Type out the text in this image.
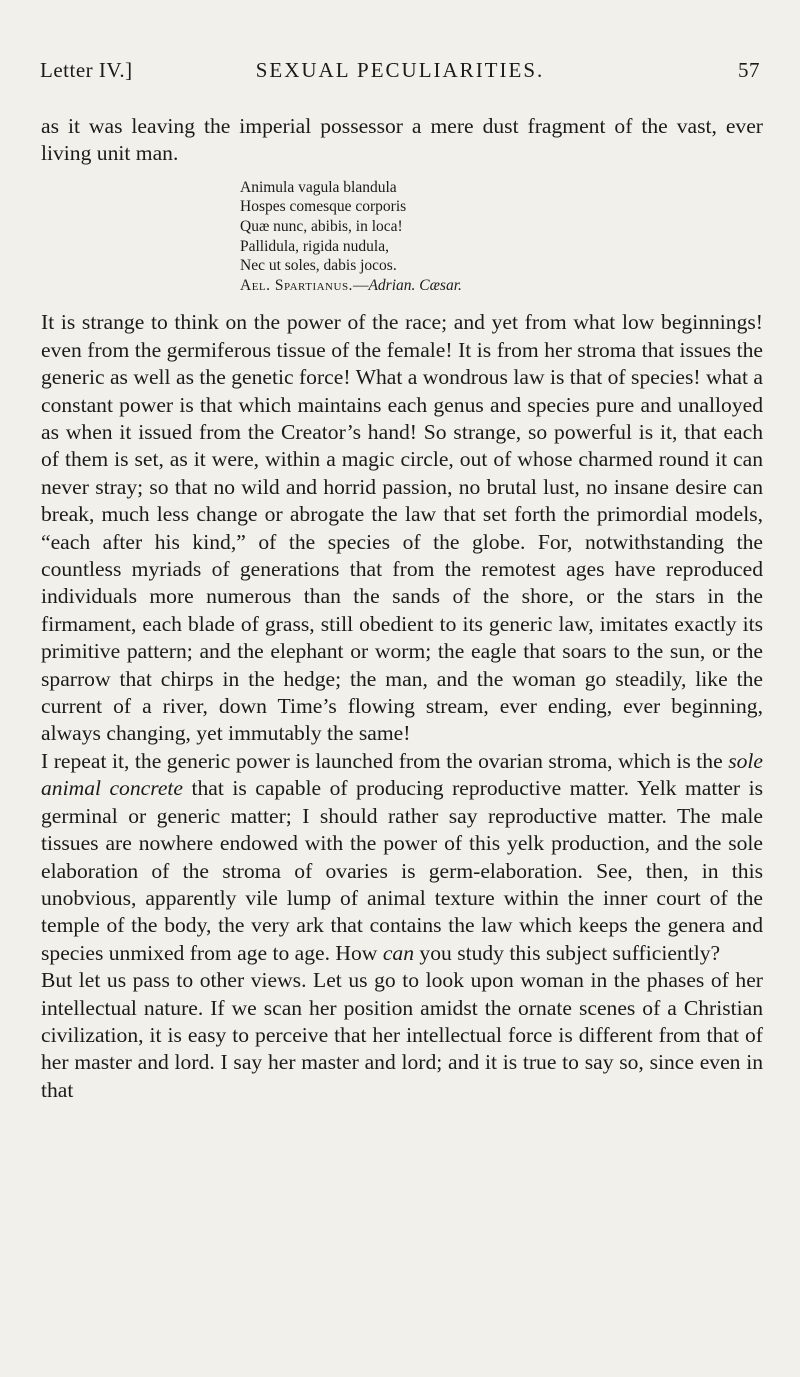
Letter IV.]	SEXUAL PECULIARITIES.	57

as it was leaving the imperial possessor a mere dust fragment of the vast, ever living unit man.

Animula vagula blandula
Hospes comesque corporis
Quæ nunc, abibis, in loca!
Pallidula, rigida nudula,
Nec ut soles, dabis jocos.
Ael. Spartianus.—Adrian. Cæsar.

It is strange to think on the power of the race; and yet from what low beginnings! even from the germiferous tissue of the female! It is from her stroma that issues the generic as well as the genetic force! What a wondrous law is that of species! what a constant power is that which maintains each genus and species pure and unalloyed as when it issued from the Creator’s hand! So strange, so powerful is it, that each of them is set, as it were, within a magic circle, out of whose charmed round it can never stray; so that no wild and horrid passion, no brutal lust, no insane desire can break, much less change or abrogate the law that set forth the primordial models, “each after his kind,” of the species of the globe. For, notwithstanding the countless myriads of generations that from the remotest ages have reproduced individuals more numerous than the sands of the shore, or the stars in the firmament, each blade of grass, still obedient to its generic law, imitates exactly its primitive pattern; and the elephant or worm; the eagle that soars to the sun, or the sparrow that chirps in the hedge; the man, and the woman go steadily, like the current of a river, down Time’s flowing stream, ever ending, ever beginning, always changing, yet immutably the same!

I repeat it, the generic power is launched from the ovarian stroma, which is the sole animal concrete that is capable of producing reproductive matter. Yelk matter is germinal or generic matter; I should rather say reproductive matter. The male tissues are nowhere endowed with the power of this yelk production, and the sole elaboration of the stroma of ovaries is germ-elaboration. See, then, in this unobvious, apparently vile lump of animal texture within the inner court of the temple of the body, the very ark that contains the law which keeps the genera and species unmixed from age to age. How can you study this subject sufficiently?

But let us pass to other views. Let us go to look upon woman in the phases of her intellectual nature. If we scan her position amidst the ornate scenes of a Christian civilization, it is easy to perceive that her intellectual force is different from that of her master and lord. I say her master and lord; and it is true to say so, since even in that
